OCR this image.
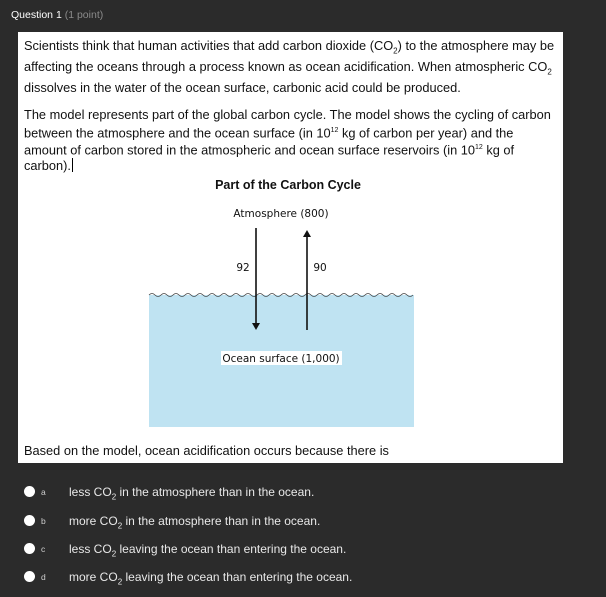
Question 1 (1 point)

Scientists think that human activities that add carbon dioxide $(CO_2)$ to the atmosphere may be affecting the oceans through a process known as ocean acidification. When atmospheric $CO_2$ dissolves in the water of the ocean surface, carbonic acid could be produced.

The model represents part of the global carbon cycle. The model shows the cycling of carbon between the atmosphere and the ocean surface (in $10^{12}$ kg of carbon per year) and the amount of carbon stored in the atmospheric and ocean surface reservoirs (in $10^{12}$ kg of carbon).

Part of the Carbon Cycle
Atmosphere (800)
92	90
Ocean surface (1,000)
Based on the model, ocean acidification occurs because there is
a less $CO_2$ in the atmosphere than in the ocean.
b more $CO_2$ in the atmosphere than in the ocean.
c less $CO_2$ leaving the ocean than entering the ocean.
d more $CO_2$ leaving the ocean than entering the ocean.
